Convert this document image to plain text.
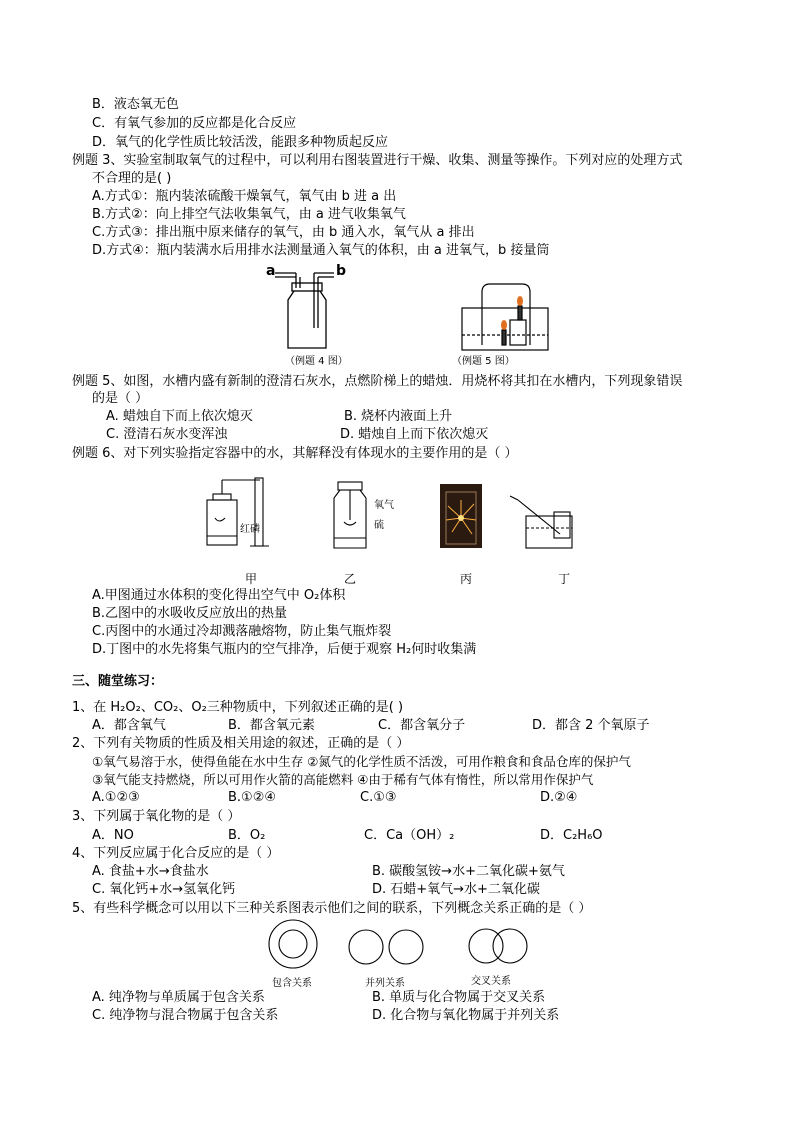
B．液态氧无色
C．有氧气参加的反应都是化合反应
D．氧气的化学性质比较活泼，能跟多种物质起反应
例题 3、实验室制取氧气的过程中，可以利用右图装置进行干燥、收集、测量等操作。下列对应的处理方式
不合理的是( )
A.方式①：瓶内装浓硫酸干燥氧气，氧气由 b 进 a 出
B.方式②：向上排空气法收集氧气，由 a 进气收集氧气
C.方式③：排出瓶中原来储存的氧气，由 b 通入水，氧气从 a 排出
D.方式④：瓶内装满水后用排水法测量通入氧气的体积，由 a 进氧气，b 接量筒
a	b
（例题 4 图）	（例题 5 图）
例题 5、如图，水槽内盛有新制的澄清石灰水，点燃阶梯上的蜡烛．用烧杯将其扣在水槽内，下列现象错误
的是（ ）
A. 蜡烛自下而上依次熄灭	B. 烧杯内液面上升
C. 澄清石灰水变浑浊	D. 蜡烛自上而下依次熄灭
例题 6、对下列实验指定容器中的水，其解释没有体现水的主要作用的是（ ）
红磷
氧气
硫
甲	乙	丙	丁
A.甲图通过水体积的变化得出空气中 O₂体积
B.乙图中的水吸收反应放出的热量
C.丙图中的水通过冷却溅落融熔物，防止集气瓶炸裂
D.丁图中的水先将集气瓶内的空气排净，后便于观察 H₂何时收集满
三、随堂练习：
1、在 H₂O₂、CO₂、O₂三种物质中，下列叙述正确的是( )
A．都含氧气	B．都含氧元素	C．都含氧分子	D．都含 2 个氧原子
2、下列有关物质的性质及相关用途的叙述，正确的是（ ）
①氧气易溶于水，使得鱼能在水中生存 ②氮气的化学性质不活泼，可用作粮食和食品仓库的保护气
③氧气能支持燃烧，所以可用作火箭的高能燃料 ④由于稀有气体有惰性，所以常用作保护气
A.①②③	B.①②④	C.①③	D.②④
3、下列属于氧化物的是（ ）
A．NO	B．O₂	C．Ca（OH）₂	D．C₂H₆O
4、下列反应属于化合反应的是（ ）
A. 食盐+水→食盐水	B. 碳酸氢铵→水+二氧化碳+氨气
C. 氧化钙+水→氢氧化钙	D. 石蜡+氧气→水+二氧化碳
5、有些科学概念可以用以下三种关系图表示他们之间的联系，下列概念关系正确的是（ ）
包含关系	并列关系	交叉关系
A. 纯净物与单质属于包含关系	B. 单质与化合物属于交叉关系
C. 纯净物与混合物属于包含关系	D. 化合物与氧化物属于并列关系
